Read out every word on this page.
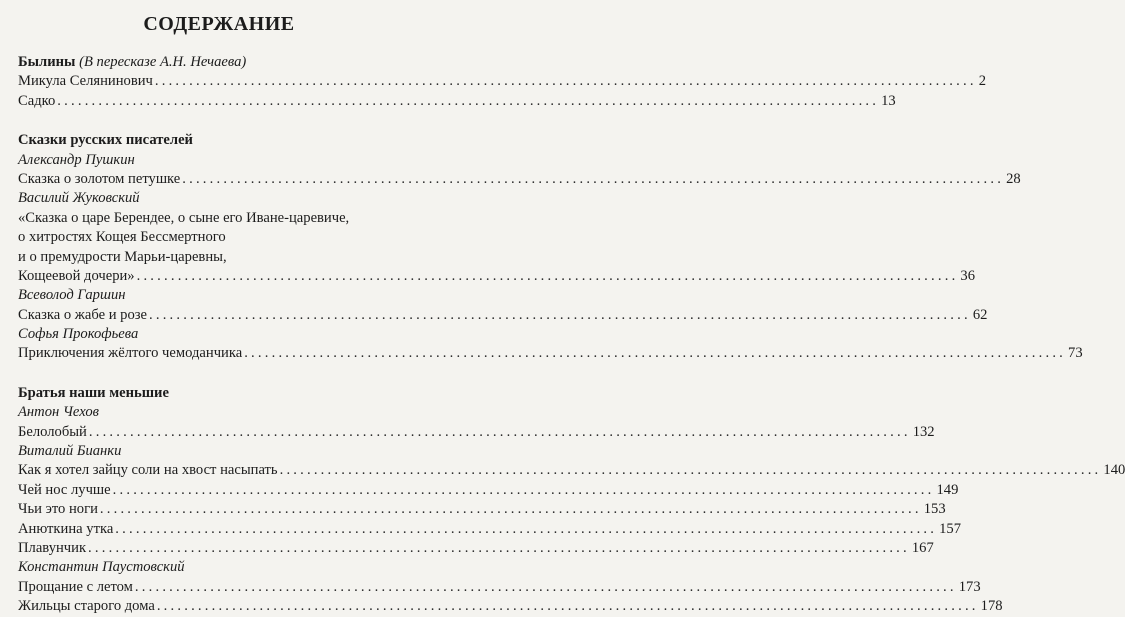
СОДЕРЖАНИЕ
Былины (В пересказе А.Н. Нечаева)
Микула Селянинович ........................................................................................................................ 2
Садко ........................................................................................................................ 13
Сказки русских писателей
Александр Пушкин
Сказка о золотом петушке ........................................................................................................................ 28
Василий Жуковский
«Сказка о царе Берендее, о сыне его Иване-царевиче,
о хитростях Кощея Бессмертного
и о премудрости Марьи-царевны,
Кощеевой дочери» ........................................................................................................................ 36
Всеволод Гаршин
Сказка о жабе и розе ........................................................................................................................ 62
Софья Прокофьева
Приключения жёлтого чемоданчика ........................................................................................................................ 73
Братья наши меньшие
Антон Чехов
Белолобый ........................................................................................................................ 132
Виталий Бианки
Как я хотел зайцу соли на хвост насыпать ........................................................................................................................ 140
Чей нос лучше ........................................................................................................................ 149
Чьи это ноги ........................................................................................................................ 153
Анюткина утка ........................................................................................................................ 157
Плавунчик ........................................................................................................................ 167
Константин Паустовский
Прощание с летом ........................................................................................................................ 173
Жильцы старого дома ........................................................................................................................ 178
